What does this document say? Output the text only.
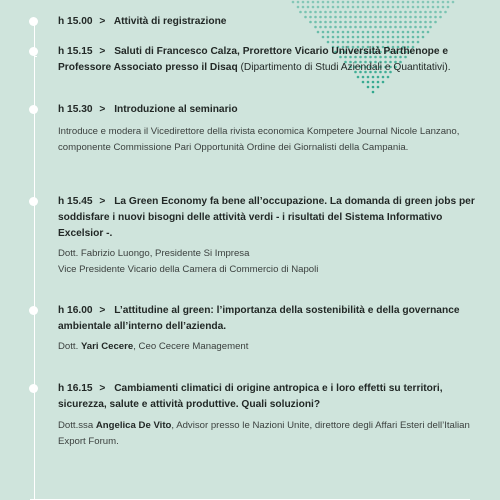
h 15.00 > Attività di registrazione
h 15.15 > Saluti di Francesco Calza, Prorettore Vicario Università Parthenope e Professore Associato presso il Disaq (Dipartimento di Studi Aziendali e Quantitativi).
h 15.30 > Introduzione al seminario
Introduce e modera il Vicedirettore della rivista economica Kompetere Journal Nicole Lanzano, componente Commissione Pari Opportunità Ordine dei Giornalisti della Campania.
h 15.45 > La Green Economy fa bene all’occupazione. La domanda di green jobs per soddisfare i nuovi bisogni delle attività verdi - i risultati del Sistema Informativo Excelsior -.
Dott. Fabrizio Luongo, Presidente Si Impresa
Vice Presidente Vicario della Camera di Commercio di Napoli
h 16.00 > L’attitudine al green: l’importanza della sostenibilità e della governance ambientale all’interno dell’azienda.
Dott. Yari Cecere, Ceo Cecere Management
h 16.15 > Cambiamenti climatici di origine antropica e i loro effetti su territori, sicurezza, salute e attività produttive. Quali soluzioni?
Dott.ssa Angelica De Vito, Advisor presso le Nazioni Unite, direttore degli Affari Esteri dell’Italian Export Forum.
